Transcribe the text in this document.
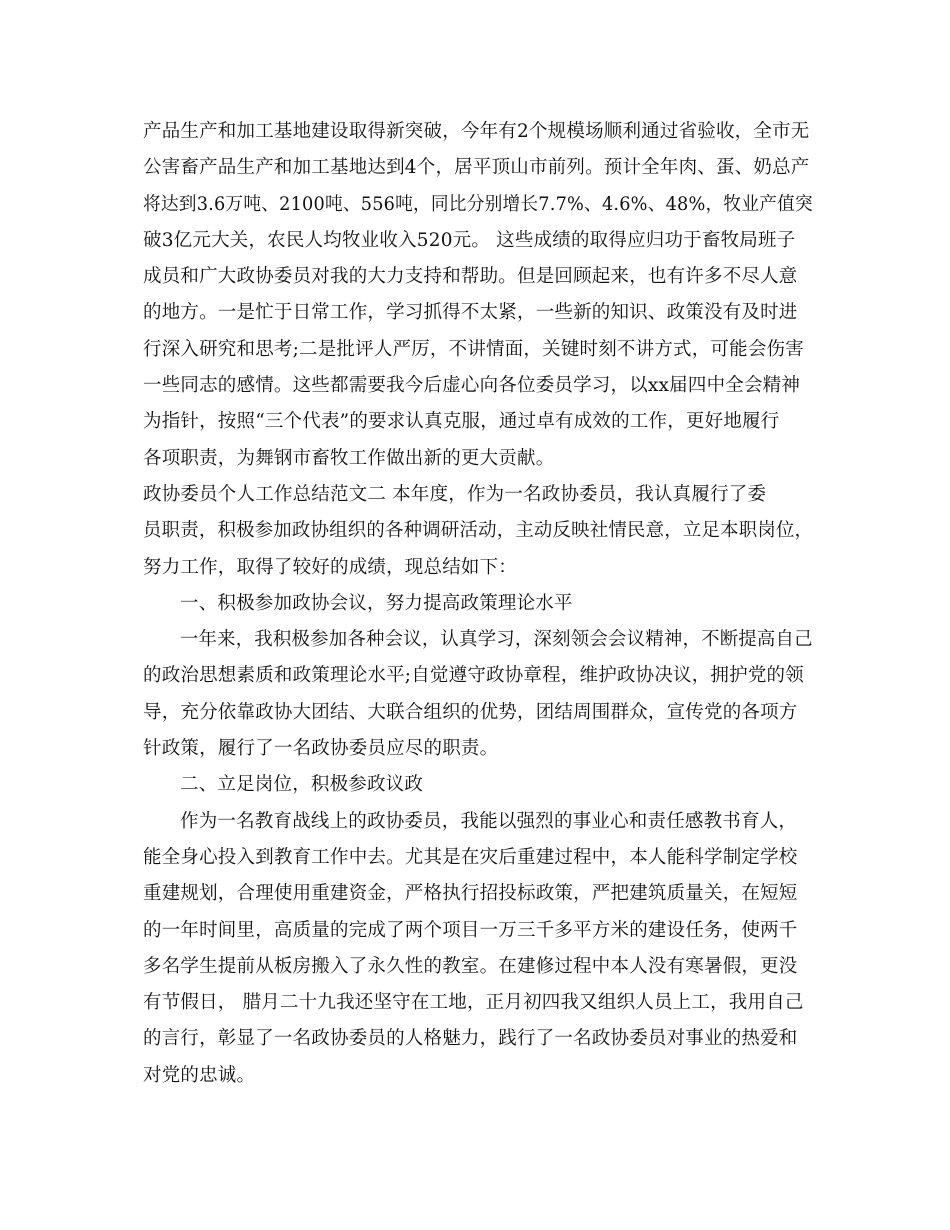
产品生产和加工基地建设取得新突破，今年有2个规模场顺利通过省验收，全市无
公害畜产品生产和加工基地达到4个，居平顶山市前列。预计全年肉、蛋、奶总产
将达到3.6万吨、2100吨、556吨，同比分别增长7.7%、4.6%、48%，牧业产值突
破3亿元大关，农民人均牧业收入520元。 这些成绩的取得应归功于畜牧局班子
成员和广大政协委员对我的大力支持和帮助。但是回顾起来，也有许多不尽人意
的地方。一是忙于日常工作，学习抓得不太紧，一些新的知识、政策没有及时进
行深入研究和思考;二是批评人严厉，不讲情面，关键时刻不讲方式，可能会伤害
一些同志的感情。这些都需要我今后虚心向各位委员学习，以xx届四中全会精神
为指针，按照“三个代表”的要求认真克服，通过卓有成效的工作，更好地履行
各项职责，为舞钢市畜牧工作做出新的更大贡献。
政协委员个人工作总结范文二 本年度，作为一名政协委员，我认真履行了委
员职责，积极参加政协组织的各种调研活动，主动反映社情民意，立足本职岗位，
努力工作，取得了较好的成绩，现总结如下：
一、积极参加政协会议，努力提高政策理论水平
一年来，我积极参加各种会议，认真学习，深刻领会会议精神，不断提高自己
的政治思想素质和政策理论水平;自觉遵守政协章程，维护政协决议，拥护党的领
导，充分依靠政协大团结、大联合组织的优势，团结周围群众，宣传党的各项方
针政策，履行了一名政协委员应尽的职责。
二、立足岗位，积极参政议政
作为一名教育战线上的政协委员，我能以强烈的事业心和责任感教书育人，
能全身心投入到教育工作中去。尤其是在灾后重建过程中，本人能科学制定学校
重建规划，合理使用重建资金，严格执行招投标政策，严把建筑质量关，在短短
的一年时间里，高质量的完成了两个项目一万三千多平方米的建设任务，使两千
多名学生提前从板房搬入了永久性的教室。在建修过程中本人没有寒暑假，更没
有节假日， 腊月二十九我还坚守在工地，正月初四我又组织人员上工，我用自己
的言行，彰显了一名政协委员的人格魅力，践行了一名政协委员对事业的热爱和
对党的忠诚。
